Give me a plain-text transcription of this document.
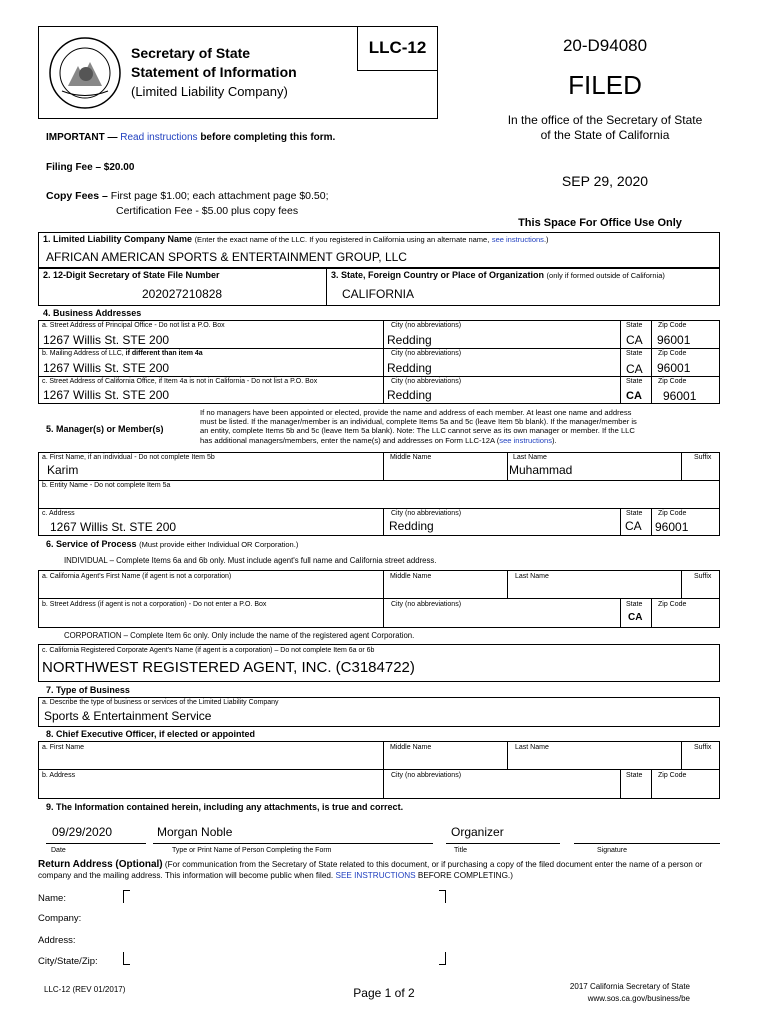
LLC-12
Secretary of State
Statement of Information
(Limited Liability Company)
20-D94080
FILED
In the office of the Secretary of State
of the State of California
SEP 29, 2020
This Space For Office Use Only
IMPORTANT — Read instructions before completing this form.
Filing Fee – $20.00
Copy Fees – First page $1.00; each attachment page $0.50;
Certification Fee - $5.00 plus copy fees
1. Limited Liability Company Name (Enter the exact name of the LLC. If you registered in California using an alternate name, see instructions.)
AFRICAN AMERICAN SPORTS & ENTERTAINMENT GROUP, LLC
2. 12-Digit Secretary of State File Number
202027210828
3. State, Foreign Country or Place of Organization (only if formed outside of California)
CALIFORNIA
4. Business Addresses
a. Street Address of Principal Office - Do not list a P.O. Box
1267 Willis St. STE 200
City (no abbreviations)
Redding
State
CA
Zip Code
96001
b. Mailing Address of LLC, if different than item 4a
1267 Willis St. STE 200
City (no abbreviations)
Redding
State
CA
Zip Code
96001
c. Street Address of California Office, if Item 4a is not in California - Do not list a P.O. Box
1267 Willis St. STE 200
City (no abbreviations)
Redding
State
CA
Zip Code
96001
5. Manager(s) or Member(s)
If no managers have been appointed or elected, provide the name and address of each member. At least one name and address
must be listed. If the manager/member is an individual, complete Items 5a and 5c (leave Item 5b blank). If the manager/member is
an entity, complete Items 5b and 5c (leave Item 5a blank). Note: The LLC cannot serve as its own manager or member. If the LLC
has additional managers/members, enter the name(s) and addresses on Form LLC-12A (see instructions).
a. First Name, if an individual - Do not complete Item 5b
Karim
Middle Name	Last Name
Muhammad
Suffix
b. Entity Name - Do not complete Item 5a
c. Address
1267 Willis St. STE 200
City (no abbreviations)
Redding
State
CA
Zip Code
96001
6. Service of Process (Must provide either Individual OR Corporation.)
INDIVIDUAL – Complete Items 6a and 6b only. Must include agent's full name and California street address.
a. California Agent's First Name (if agent is not a corporation)	Middle Name	Last Name	Suffix
b. Street Address (if agent is not a corporation) - Do not enter a P.O. Box	City (no abbreviations)	State
CA
Zip Code
CORPORATION – Complete Item 6c only. Only include the name of the registered agent Corporation.
c. California Registered Corporate Agent's Name (if agent is a corporation) – Do not complete Item 6a or 6b
NORTHWEST REGISTERED AGENT, INC. (C3184722)
7. Type of Business
a. Describe the type of business or services of the Limited Liability Company
Sports & Entertainment Service
8. Chief Executive Officer, if elected or appointed
a. First Name	Middle Name	Last Name	Suffix
b. Address	City (no abbreviations)	State Zip Code
9. The Information contained herein, including any attachments, is true and correct.
09/29/2020	Morgan Noble	Organizer
Date	Type or Print Name of Person Completing the Form	Title	Signature
Return Address (Optional) (For communication from the Secretary of State related to this document, or if purchasing a copy of the filed document enter the name of a person or company and the mailing address. This information will become public when filed. SEE INSTRUCTIONS BEFORE COMPLETING.)
Name:
Company:
Address:
City/State/Zip:
LLC-12 (REV 01/2017)	Page 1 of 2	2017 California Secretary of State
www.sos.ca.gov/business/be
